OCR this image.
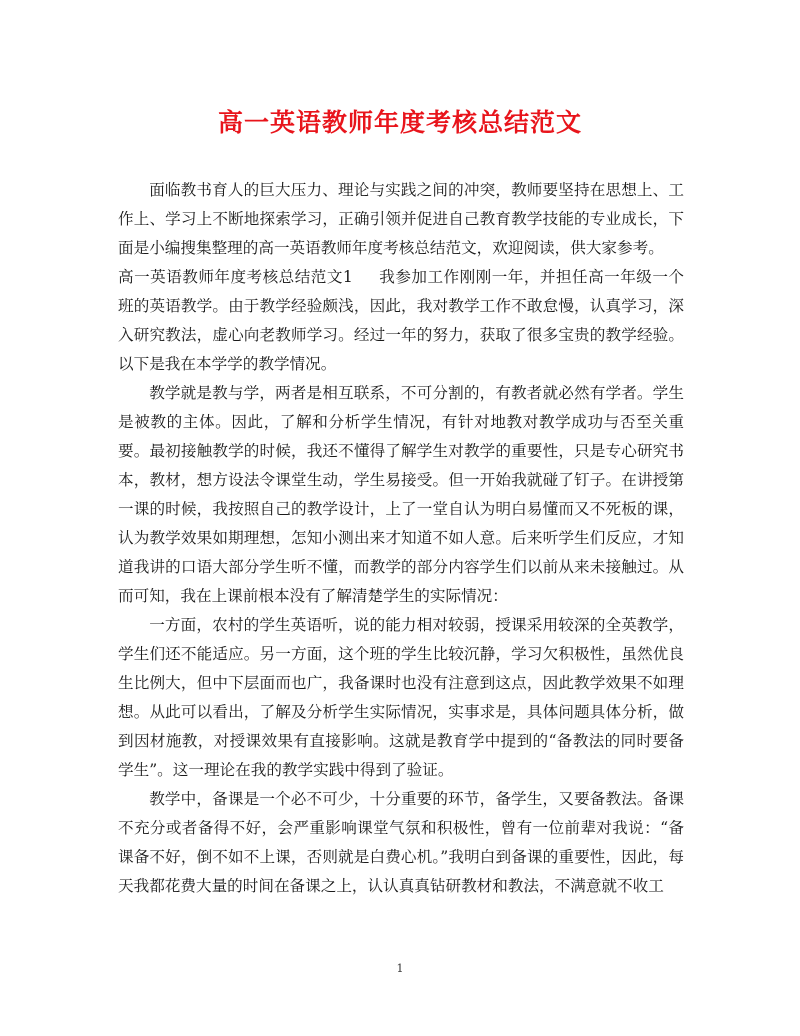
高一英语教师年度考核总结范文

面临教书育人的巨大压力、理论与实践之间的冲突，教师要坚持在思想上、工作上、学习上不断地探索学习，正确引领并促进自己教育教学技能的专业成长，下面是小编搜集整理的高一英语教师年度考核总结范文，欢迎阅读，供大家参考。

高一英语教师年度考核总结范文1 我参加工作刚刚一年，并担任高一年级一个班的英语教学。由于教学经验颇浅，因此，我对教学工作不敢怠慢，认真学习，深入研究教法，虚心向老教师学习。经过一年的努力，获取了很多宝贵的教学经验。以下是我在本学学的教学情况。

教学就是教与学，两者是相互联系，不可分割的，有教者就必然有学者。学生是被教的主体。因此，了解和分析学生情况，有针对地教对教学成功与否至关重要。最初接触教学的时候，我还不懂得了解学生对教学的重要性，只是专心研究书本，教材，想方设法令课堂生动，学生易接受。但一开始我就碰了钉子。在讲授第一课的时候，我按照自己的教学设计，上了一堂自认为明白易懂而又不死板的课，认为教学效果如期理想，怎知小测出来才知道不如人意。后来听学生们反应，才知道我讲的口语大部分学生听不懂，而教学的部分内容学生们以前从来未接触过。从而可知，我在上课前根本没有了解清楚学生的实际情况：

一方面，农村的学生英语听，说的能力相对较弱，授课采用较深的全英教学，学生们还不能适应。另一方面，这个班的学生比较沉静，学习欠积极性，虽然优良生比例大，但中下层面而也广，我备课时也没有注意到这点，因此教学效果不如理想。从此可以看出，了解及分析学生实际情况，实事求是，具体问题具体分析，做到因材施教，对授课效果有直接影响。这就是教育学中提到的“备教法的同时要备学生”。这一理论在我的教学实践中得到了验证。

教学中，备课是一个必不可少，十分重要的环节，备学生，又要备教法。备课不充分或者备得不好，会严重影响课堂气氛和积极性，曾有一位前辈对我说：“备课备不好，倒不如不上课，否则就是白费心机。”我明白到备课的重要性，因此，每天我都花费大量的时间在备课之上，认认真真钻研教材和教法，不满意就不收工

1
